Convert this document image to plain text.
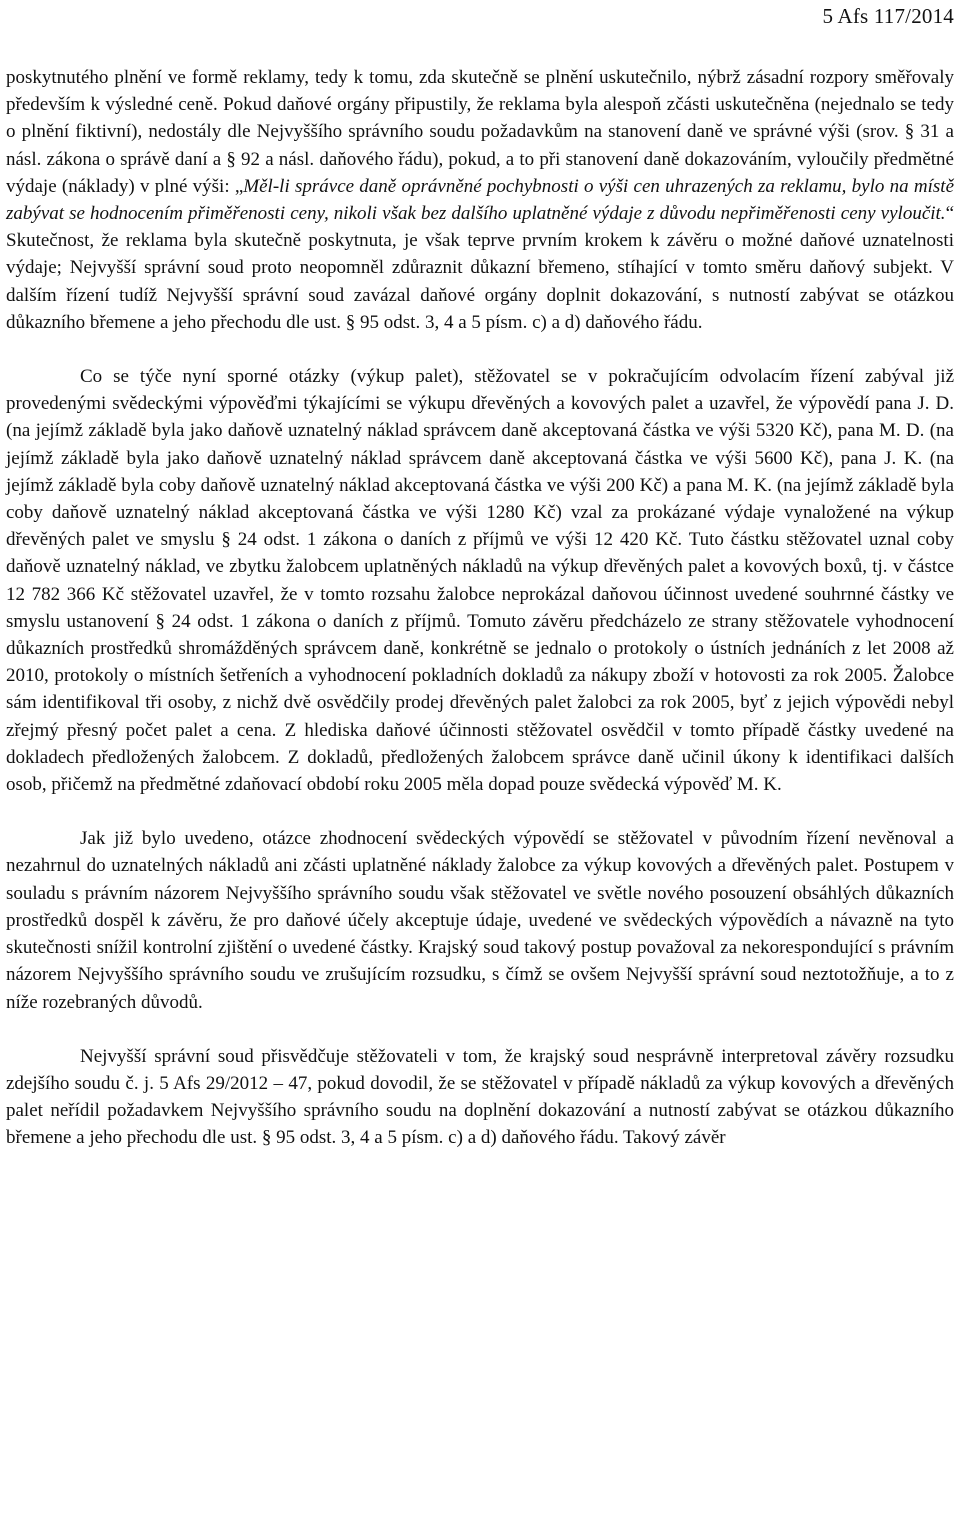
5 Afs 117/2014

poskytnutého plnění ve formě reklamy, tedy k tomu, zda skutečně se plnění uskutečnilo, nýbrž zásadní rozpory směřovaly především k výsledné ceně. Pokud daňové orgány připustily, že reklama byla alespoň zčásti uskutečněna (nejednalo se tedy o plnění fiktivní), nedostály dle Nejvyššího správního soudu požadavkům na stanovení daně ve správné výši (srov. § 31 a násl. zákona o správě daní a § 92 a násl. daňového řádu), pokud, a to při stanovení daně dokazováním, vyloučily předmětné výdaje (náklady) v plné výši: „Měl-li správce daně oprávněné pochybnosti o výši cen uhrazených za reklamu, bylo na místě zabývat se hodnocením přiměřenosti ceny, nikoli však bez dalšího uplatněné výdaje z důvodu nepřiměřenosti ceny vyloučit.“ Skutečnost, že reklama byla skutečně poskytnuta, je však teprve prvním krokem k závěru o možné daňové uznatelnosti výdaje; Nejvyšší správní soud proto neopomněl zdůraznit důkazní břemeno, stíhající v tomto směru daňový subjekt. V dalším řízení tudíž Nejvyšší správní soud zavázal daňové orgány doplnit dokazování, s nutností zabývat se otázkou důkazního břemene a jeho přechodu dle ust. § 95 odst. 3, 4 a 5 písm. c) a d) daňového řádu.

Co se týče nyní sporné otázky (výkup palet), stěžovatel se v pokračujícím odvolacím řízení zabýval již provedenými svědeckými výpověďmi týkajícími se výkupu dřevěných a kovových palet a uzavřel, že výpovědí pana J. D. (na jejímž základě byla jako daňově uznatelný náklad správcem daně akceptovaná částka ve výši 5320 Kč), pana M. D. (na jejímž základě byla jako daňově uznatelný náklad správcem daně akceptovaná částka ve výši 5600 Kč), pana J. K. (na jejímž základě byla coby daňově uznatelný náklad akceptovaná částka ve výši 200 Kč) a pana M. K. (na jejímž základě byla coby daňově uznatelný náklad akceptovaná částka ve výši 1280 Kč) vzal za prokázané výdaje vynaložené na výkup dřevěných palet ve smyslu § 24 odst. 1 zákona o daních z příjmů ve výši 12 420 Kč. Tuto částku stěžovatel uznal coby daňově uznatelný náklad, ve zbytku žalobcem uplatněných nákladů na výkup dřevěných palet a kovových boxů, tj. v částce 12 782 366 Kč stěžovatel uzavřel, že v tomto rozsahu žalobce neprokázal daňovou účinnost uvedené souhrnné částky ve smyslu ustanovení § 24 odst. 1 zákona o daních z příjmů. Tomuto závěru předcházelo ze strany stěžovatele vyhodnocení důkazních prostředků shromážděných správcem daně, konkrétně se jednalo o protokoly o ústních jednáních z let 2008 až 2010, protokoly o místních šetřeních a vyhodnocení pokladních dokladů za nákupy zboží v hotovosti za rok 2005. Žalobce sám identifikoval tři osoby, z nichž dvě osvědčily prodej dřevěných palet žalobci za rok 2005, byť z jejich výpovědi nebyl zřejmý přesný počet palet a cena. Z hlediska daňové účinnosti stěžovatel osvědčil v tomto případě částky uvedené na dokladech předložených žalobcem. Z dokladů, předložených žalobcem správce daně učinil úkony k identifikaci dalších osob, přičemž na předmětné zdaňovací období roku 2005 měla dopad pouze svědecká výpověď M. K.

Jak již bylo uvedeno, otázce zhodnocení svědeckých výpovědí se stěžovatel v původním řízení nevěnoval a nezahrnul do uznatelných nákladů ani zčásti uplatněné náklady žalobce za výkup kovových a dřevěných palet. Postupem v souladu s právním názorem Nejvyššího správního soudu však stěžovatel ve světle nového posouzení obsáhlých důkazních prostředků dospěl k závěru, že pro daňové účely akceptuje údaje, uvedené ve svědeckých výpovědích a návazně na tyto skutečnosti snížil kontrolní zjištění o uvedené částky. Krajský soud takový postup považoval za nekorespondující s právním názorem Nejvyššího správního soudu ve zrušujícím rozsudku, s čímž se ovšem Nejvyšší správní soud neztotožňuje, a to z níže rozebraných důvodů.

Nejvyšší správní soud přisvědčuje stěžovateli v tom, že krajský soud nesprávně interpretoval závěry rozsudku zdejšího soudu č. j. 5 Afs 29/2012 – 47, pokud dovodil, že se stěžovatel v případě nákladů za výkup kovových a dřevěných palet neřídil požadavkem Nejvyššího správního soudu na doplnění dokazování a nutností zabývat se otázkou důkazního břemene a jeho přechodu dle ust. § 95 odst. 3, 4 a 5 písm. c) a d) daňového řádu. Takový závěr
